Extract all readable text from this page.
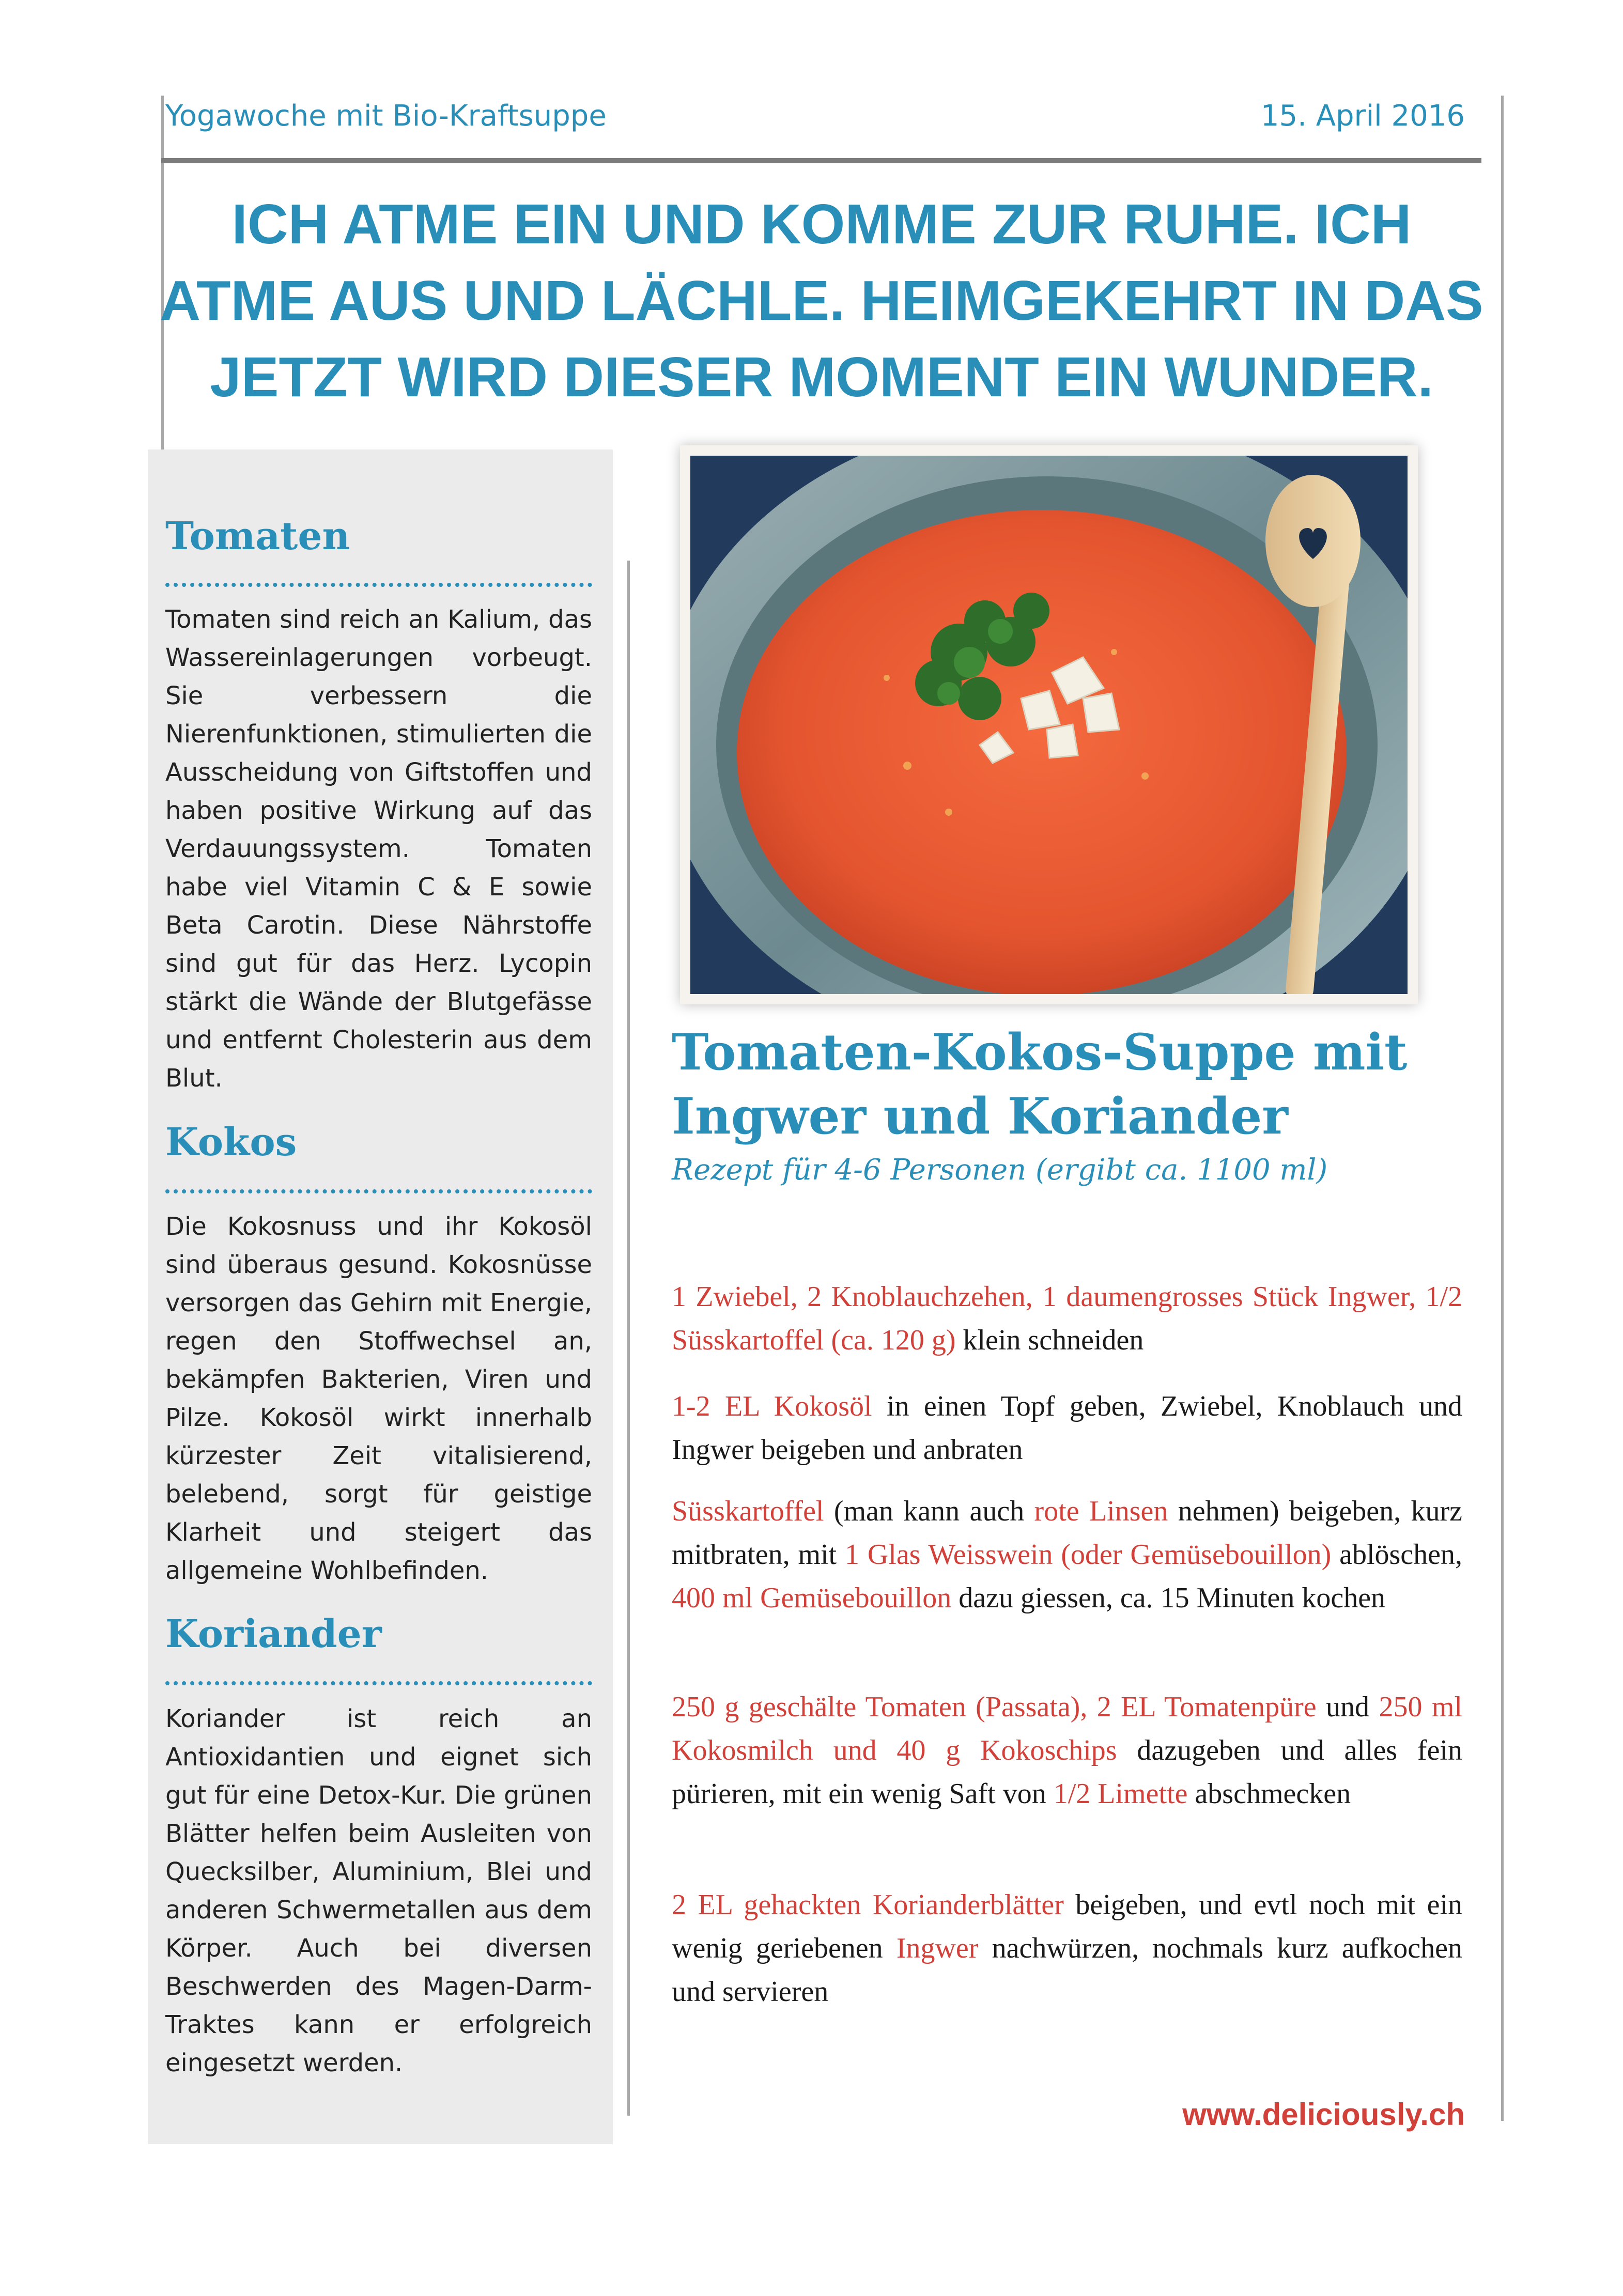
Yogawoche mit Bio-Kraftsuppe	15. April 2016
ICH ATME EIN UND KOMME ZUR RUHE. ICH ATME AUS UND LÄCHLE. HEIMGEKEHRT IN DAS JETZT WIRD DIESER MOMENT EIN WUNDER.
Tomaten

Tomaten sind reich an Kalium, das Wassereinlagerungen vorbeugt. Sie verbessern die Nierenfunktionen, stimulierten die Ausscheidung von Giftstoffen und haben positive Wirkung auf das Verdauungssystem. Tomaten habe viel Vitamin C & E sowie Beta Carotin. Diese Nährstoffe sind gut für das Herz. Lycopin stärkt die Wände der Blutgefässe und entfernt Cholesterin aus dem Blut.

Kokos

Die Kokosnuss und ihr Kokosöl sind überaus gesund. Kokosnüsse versorgen das Gehirn mit Energie, regen den Stoffwechsel an, bekämpfen Bakterien, Viren und Pilze. Kokosöl wirkt innerhalb kürzester Zeit vitalisierend, belebend, sorgt für geistige Klarheit und steigert das allgemeine Wohlbefinden.

Koriander

Koriander ist reich an Antioxidantien und eignet sich gut für eine Detox-Kur. Die grünen Blätter helfen beim Ausleiten von Quecksilber, Aluminium, Blei und anderen Schwermetallen aus dem Körper. Auch bei diversen Beschwerden des Magen-Darm-Traktes kann er erfolgreich eingesetzt werden.

Tomaten-Kokos-Suppe mit Ingwer und Koriander
Rezept für 4-6 Personen (ergibt ca. 1100 ml)

1 Zwiebel, 2 Knoblauchzehen, 1 daumengrosses Stück Ingwer, 1/2 Süsskartoffel (ca. 120 g) klein schneiden

1-2 EL Kokosöl in einen Topf geben, Zwiebel, Knoblauch und Ingwer beigeben und anbraten

Süsskartoffel (man kann auch rote Linsen nehmen) beigeben, kurz mitbraten, mit 1 Glas Weisswein (oder Gemüsebouillon) ablöschen, 400 ml Gemüsebouillon dazu giessen, ca. 15 Minuten kochen

250 g geschälte Tomaten (Passata), 2 EL Tomatenpüre und 250 ml Kokosmilch und 40 g Kokoschips dazugeben und alles fein pürieren, mit ein wenig Saft von 1/2 Limette abschmecken

2 EL gehackten Korianderblätter beigeben, und evtl noch mit ein wenig geriebenen Ingwer nachwürzen, nochmals kurz aufkochen und servieren

www.deliciously.ch
